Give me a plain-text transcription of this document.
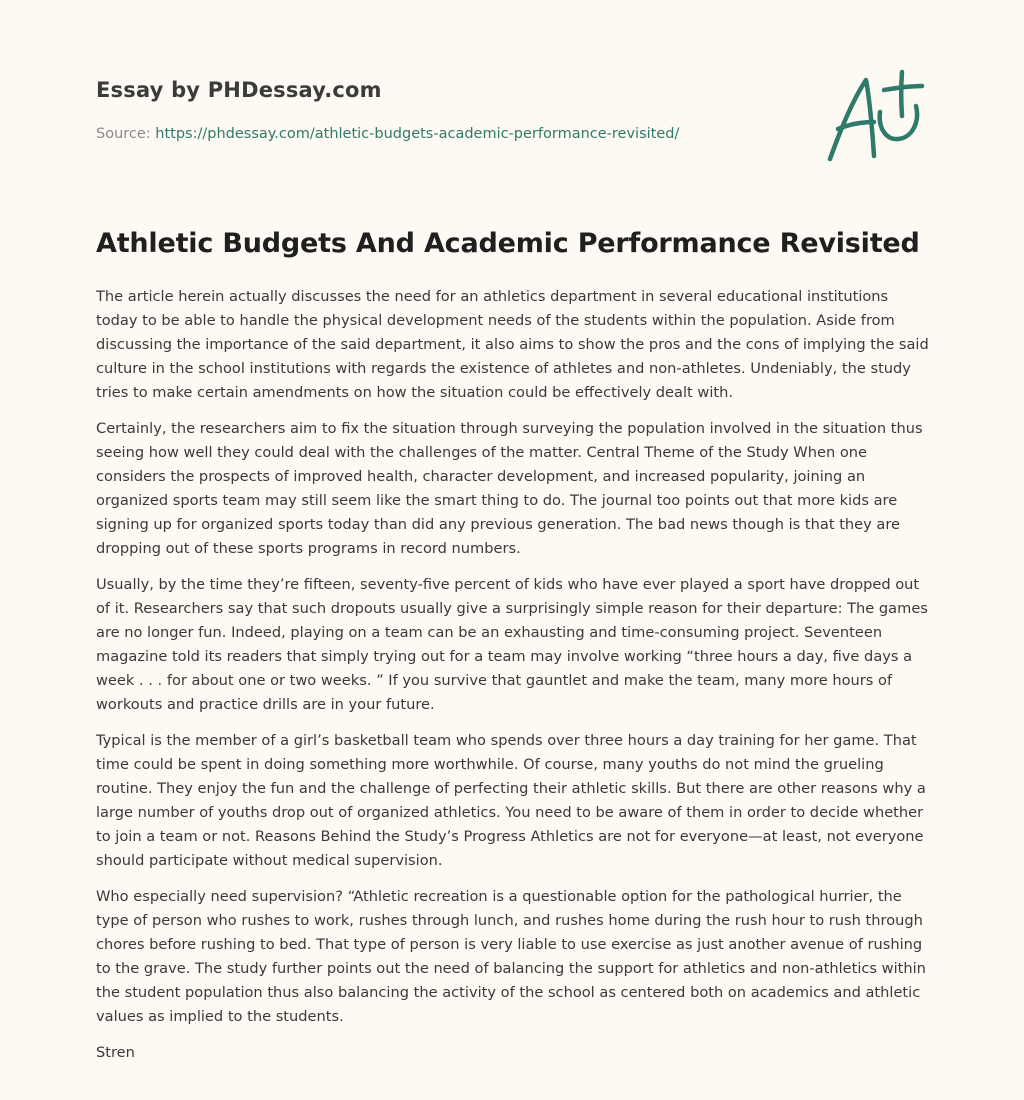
Essay by PHDessay.com
Source: https://phdessay.com/athletic-budgets-academic-performance-revisited/
Athletic Budgets And Academic Performance Revisited

The article herein actually discusses the need for an athletics department in several educational institutions today to be able to handle the physical development needs of the students within the population. Aside from discussing the importance of the said department, it also aims to show the pros and the cons of implying the said culture in the school institutions with regards the existence of athletes and non-athletes. Undeniably, the study tries to make certain amendments on how the situation could be effectively dealt with.

Certainly, the researchers aim to fix the situation through surveying the population involved in the situation thus seeing how well they could deal with the challenges of the matter. Central Theme of the Study When one considers the prospects of improved health, character development, and increased popularity, joining an organized sports team may still seem like the smart thing to do. The journal too points out that more kids are signing up for organized sports today than did any previous generation. The bad news though is that they are dropping out of these sports programs in record numbers.

Usually, by the time they’re fifteen, seventy-five percent of kids who have ever played a sport have dropped out of it. Researchers say that such dropouts usually give a surprisingly simple reason for their departure: The games are no longer fun. Indeed, playing on a team can be an exhausting and time-consuming project. Seventeen magazine told its readers that simply trying out for a team may involve working “three hours a day, five days a week . . . for about one or two weeks. ” If you survive that gauntlet and make the team, many more hours of workouts and practice drills are in your future.

Typical is the member of a girl’s basketball team who spends over three hours a day training for her game. That time could be spent in doing something more worthwhile. Of course, many youths do not mind the grueling routine. They enjoy the fun and the challenge of perfecting their athletic skills. But there are other reasons why a large number of youths drop out of organized athletics. You need to be aware of them in order to decide whether to join a team or not. Reasons Behind the Study’s Progress Athletics are not for everyone—at least, not everyone should participate without medical supervision.

Who especially need supervision? “Athletic recreation is a questionable option for the pathological hurrier, the type of person who rushes to work, rushes through lunch, and rushes home during the rush hour to rush through chores before rushing to bed. That type of person is very liable to use exercise as just another avenue of rushing to the grave. The study further points out the need of balancing the support for athletics and non-athletics within the student population thus also balancing the activity of the school as centered both on academics and athletic values as implied to the students.

Stren
